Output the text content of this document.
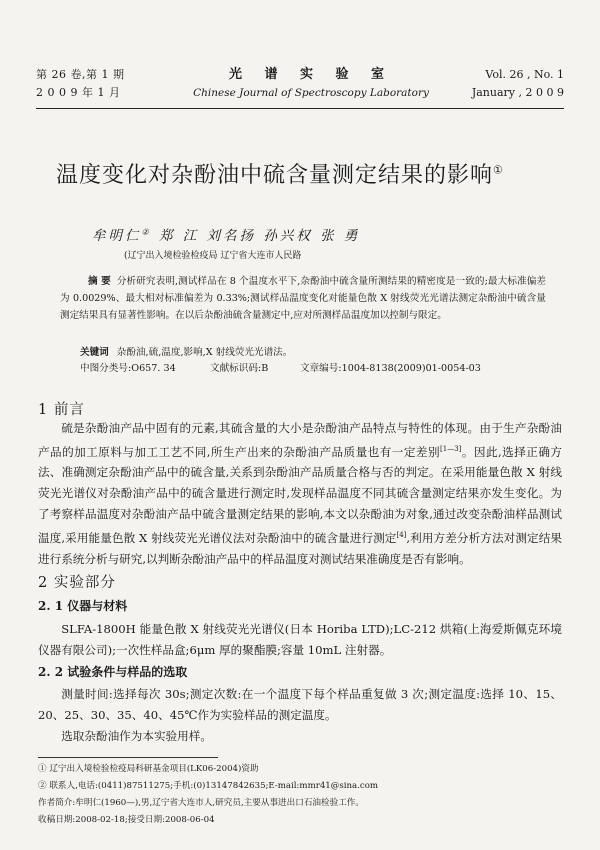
第 26 卷,第 1 期
2 0 0 9 年 1 月
光 谱 实 验 室
Chinese Journal of Spectroscopy Laboratory
Vol. 26 , No. 1
January , 2 0 0 9
温度变化对杂酚油中硫含量测定结果的影响①
牟明仁② 郑 江 刘名扬 孙兴权 张 勇
(辽宁出入境检验检疫局 辽宁省大连市人民路
摘 要 分析研究表明,测试样品在 8 个温度水平下,杂酚油中硫含量所测结果的精密度是一致的;最大标准偏差为 0.0029%、最大相对标准偏差为 0.33%;测试样品温度变化对能量色散 X 射线荧光光谱法测定杂酚油中硫含量测定结果具有显著性影响。在以后杂酚油硫含量测定中,应对所测样品温度加以控制与限定。
关键词 杂酚油,硫,温度,影响,X 射线荧光光谱法。
中图分类号:O657. 34	文献标识码:B	文章编号:1004-8138(2009)01-0054-03
1 前言
硫是杂酚油产品中固有的元素,其硫含量的大小是杂酚油产品特点与特性的体现。由于生产杂酚油产品的加工原料与加工工艺不同,所生产出来的杂酚油产品质量也有一定差别[1—3]。因此,选择正确方法、准确测定杂酚油产品中的硫含量,关系到杂酚油产品质量合格与否的判定。在采用能量色散 X 射线荧光光谱仪对杂酚油产品中的硫含量进行测定时,发现样品温度不同其硫含量测定结果亦发生变化。为了考察样品温度对杂酚油产品中硫含量测定结果的影响,本文以杂酚油为对象,通过改变杂酚油样品测试温度,采用能量色散 X 射线荧光光谱仪法对杂酚油中的硫含量进行测定[4],利用方差分析方法对测定结果进行系统分析与研究,以判断杂酚油产品中的样品温度对测试结果准确度是否有影响。
2 实验部分
2. 1 仪器与材料
SLFA-1800H 能量色散 X 射线荧光光谱仪(日本 Horiba LTD);LC-212 烘箱(上海爱斯佩克环境仪器有限公司);一次性样品盒;6μm 厚的聚酯膜;容量 10mL 注射器。
2. 2 试验条件与样品的选取
测量时间:选择每次 30s;测定次数:在一个温度下每个样品重复做 3 次;测定温度:选择 10、15、20、25、30、35、40、45℃作为实验样品的测定温度。
选取杂酚油作为本实验用样。
① 辽宁出入境检验检疫局科研基金项目(LK06-2004)资助
② 联系人,电话:(0411)87511275;手机:(0)13147842635;E-mail:mmr41@sina.com
作者简介:牟明仁(1960—),男,辽宁省大连市人,研究员,主要从事进出口石油检验工作。
收稿日期:2008-02-18;接受日期:2008-06-04
